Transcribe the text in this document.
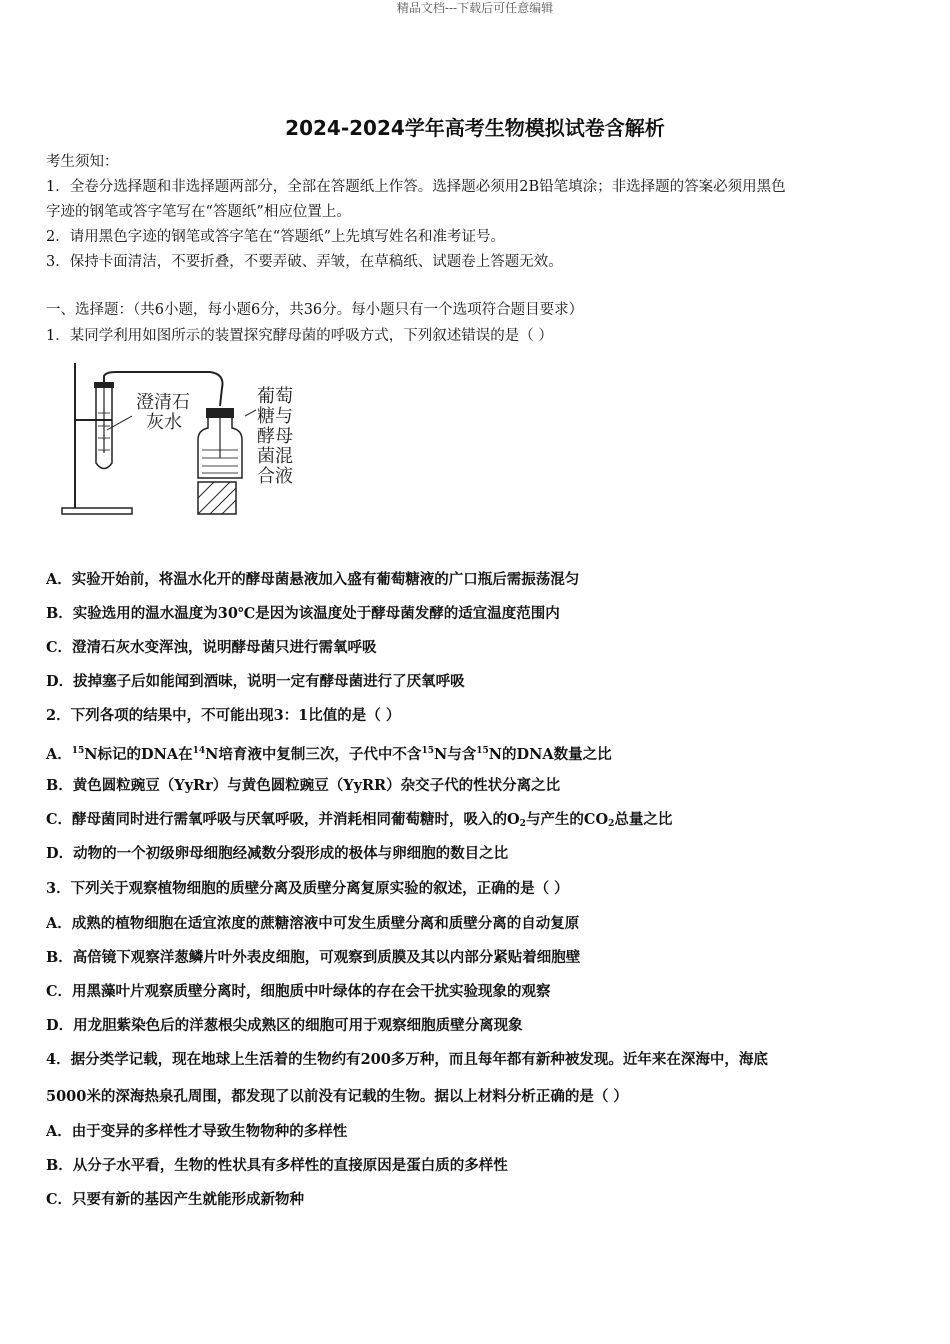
精品文档---下载后可任意编辑
2024-2024学年高考生物模拟试卷含解析
考生须知：
1．全卷分选择题和非选择题两部分，全部在答题纸上作答。选择题必须用2B铅笔填涂；非选择题的答案必须用黑色
字迹的钢笔或答字笔写在“答题纸”相应位置上。
2．请用黑色字迹的钢笔或答字笔在“答题纸”上先填写姓名和准考证号。
3．保持卡面清洁，不要折叠，不要弄破、弄皱，在草稿纸、试题卷上答题无效。
一、选择题：（共6小题，每小题6分，共36分。每小题只有一个选项符合题目要求）
1．某同学利用如图所示的装置探究酵母菌的呼吸方式，下列叙述错误的是（ ）
澄清石
灰水
葡萄
糖与
酵母
菌混
合液
A．实验开始前，将温水化开的酵母菌悬液加入盛有葡萄糖液的广口瓶后需振荡混匀
B．实验选用的温水温度为30℃是因为该温度处于酵母菌发酵的适宜温度范围内
C．澄清石灰水变浑浊，说明酵母菌只进行需氧呼吸
D．拔掉塞子后如能闻到酒味，说明一定有酵母菌进行了厌氧呼吸
2．下列各项的结果中，不可能出现3：1比值的是（ ）
A．$^{15}$N标记的DNA在$^{14}$N培育液中复制三次，子代中不含$^{15}$N与含$^{15}$N的DNA数量之比
B．黄色圆粒豌豆（YyRr）与黄色圆粒豌豆（YyRR）杂交子代的性状分离之比
C．酵母菌同时进行需氧呼吸与厌氧呼吸，并消耗相同葡萄糖时，吸入的$O_2$与产生的$CO_2$总量之比
D．动物的一个初级卵母细胞经减数分裂形成的极体与卵细胞的数目之比
3．下列关于观察植物细胞的质壁分离及质壁分离复原实验的叙述，正确的是（ ）
A．成熟的植物细胞在适宜浓度的蔗糖溶液中可发生质壁分离和质壁分离的自动复原
B．高倍镜下观察洋葱鳞片叶外表皮细胞，可观察到质膜及其以内部分紧贴着细胞壁
C．用黑藻叶片观察质壁分离时，细胞质中叶绿体的存在会干扰实验现象的观察
D．用龙胆紫染色后的洋葱根尖成熟区的细胞可用于观察细胞质壁分离现象
4．据分类学记载，现在地球上生活着的生物约有200多万种，而且每年都有新种被发现。近年来在深海中，海底
5000米的深海热泉孔周围，都发现了以前没有记载的生物。据以上材料分析正确的是（ ）
A．由于变异的多样性才导致生物物种的多样性
B．从分子水平看，生物的性状具有多样性的直接原因是蛋白质的多样性
C．只要有新的基因产生就能形成新物种
